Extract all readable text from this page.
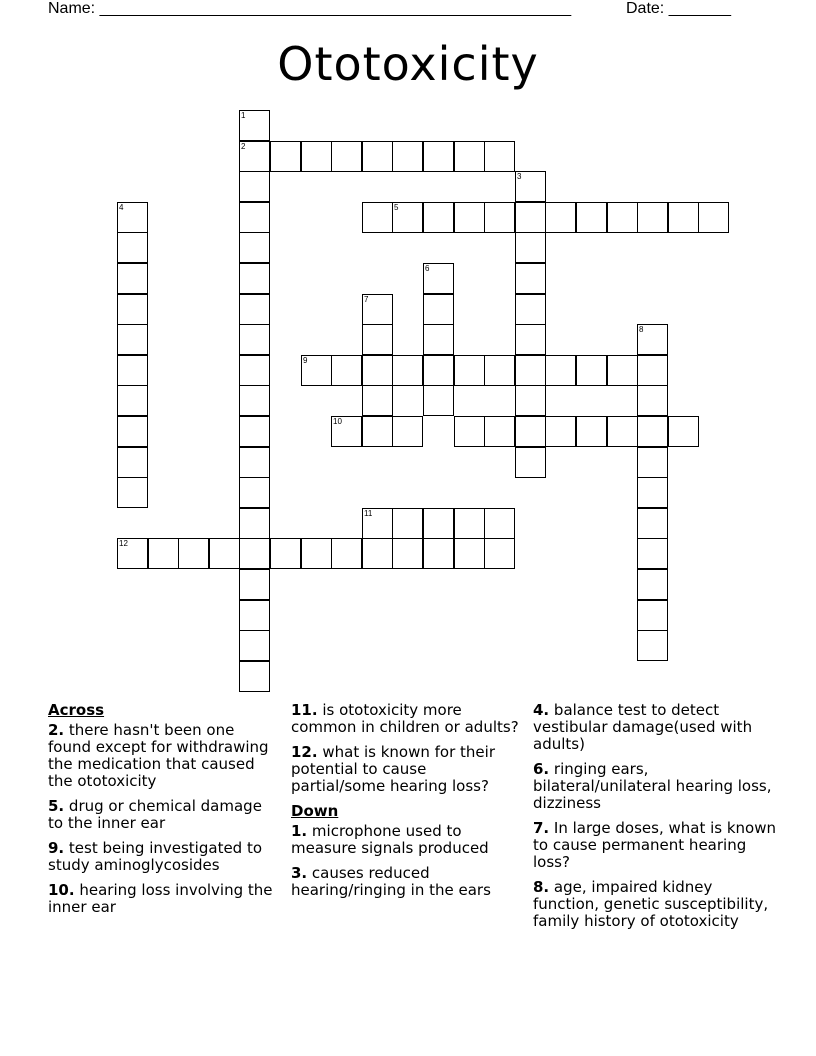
Name: _____________________________________________________	Date: _______
Ototoxicity
1
2
3
4	5
6
7
8
9
10
11
12
Across
2. there hasn't been one found except for withdrawing the medication that caused the ototoxicity
5. drug or chemical damage to the inner ear
9. test being investigated to study aminoglycosides
10. hearing loss involving the inner ear
11. is ototoxicity more common in children or adults?
12. what is known for their potential to cause partial/some hearing loss?
Down
1. microphone used to measure signals produced
3. causes reduced hearing/ringing in the ears
4. balance test to detect vestibular damage(used with adults)
6. ringing ears, bilateral/unilateral hearing loss, dizziness
7. In large doses, what is known to cause permanent hearing loss?
8. age, impaired kidney function, genetic susceptibility, family history of ototoxicity
